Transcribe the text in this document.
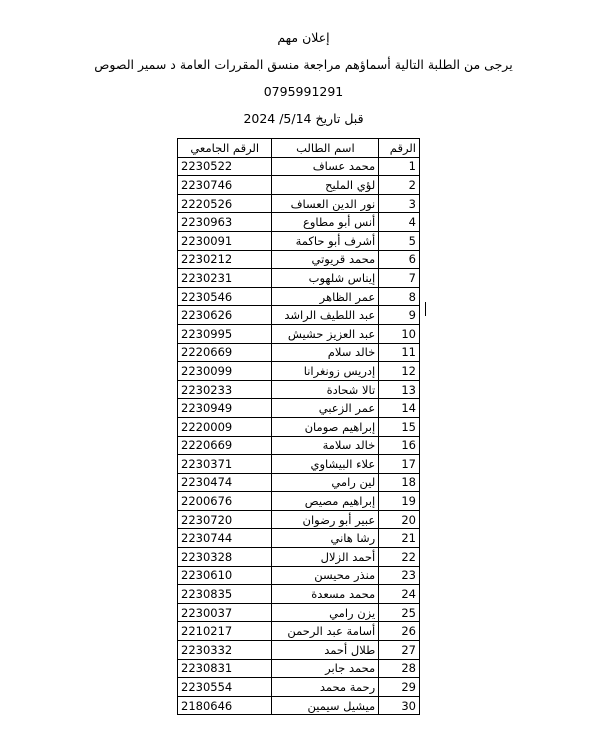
إعلان مهم
يرجى من الطلبة التالية أسماؤهم مراجعة منسق المقررات العامة د سمير الصوص
0795991291
قبل تاريخ 2024 /5/14
الرقم	اسم الطالب	الرقم الجامعي
1	محمد عساف	2230522
2	لؤي المليح	2230746
3	نور الدين العساف	2220526
4	أنس أبو مطاوع	2230963
5	أشرف أبو حاكمة	2230091
6	محمد قريوتي	2230212
7	إيناس شلهوب	2230231
8	عمر الظاهر	2230546
9	عبد اللطيف الراشد	2230626
10	عبد العزيز حشيش	2230995
11	خالد سلام	2220669
12	إدريس زونغرانا	2230099
13	تالا شحادة	2230233
14	عمر الزعبي	2230949
15	إبراهيم صومان	2220009
16	خالد سلامة	2220669
17	علاء البيشاوي	2230371
18	لين رامي	2230474
19	إبراهيم مصيص	2200676
20	عبير أبو رضوان	2230720
21	رشا هاني	2230744
22	أحمد الزلال	2230328
23	منذر محيسن	2230610
24	محمد مسعدة	2230835
25	يزن رامي	2230037
26	أسامة عبد الرحمن	2210217
27	طلال أحمد	2230332
28	محمد جابر	2230831
29	رحمة محمد	2230554
30	ميشيل سيمين	2180646
